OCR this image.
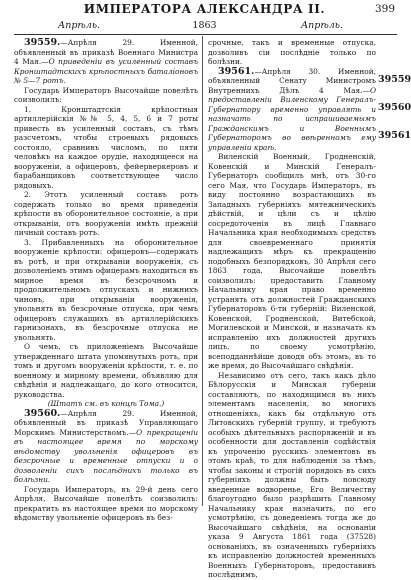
ИМПЕРАТОРА АЛЕКСАНДРА II.	399
Апрѣль.	1863	Апрѣль.

39559.—Апрѣля 29. Именной, объявленный въ приказѣ Военнаго Министра 4 Мая.—О приведеніи въ усиленный составъ Кронштадтскихъ крѣпостныхъ баталіоновъ № 5—7 ротъ.

Государь Императоръ Высочайше повелѣть соизволилъ:

1. Кронштадтскія крѣпостныя артиллерійскія №№ 5, 4, 5, 6 и 7 роты привесть въ усиленный составъ, съ тѣмъ разсчетомъ, чтобы строевыхъ рядовыхъ состояло, сравнивъ числомъ, по пяти человѣкъ на каждое орудіе, находящееся на вооруженіи, а офицеровъ, фейерверкеровъ и барабанщиковъ соответствующее число рядовыхъ.

2. Этотъ усиленный составъ ротъ содержать только во время приведенія крѣпости въ оборонительное состояніе, а при открываніи, отъ вооруженіи имѣть прежній личный составъ ротъ.

3. Прибавленныхъ на оборонительное вооруженіе крѣпости: офицеровъ—содержать въ ротѣ, и при открываніи вооруженія, съ дозволеніемъ этимъ офицерамъ находиться въ мирное время въ безсрочномъ и продолжительномъ отпускахъ и нижнихъ чиновъ, при открываніи вооруженія, увольнять въ безсрочные отпуска, при чемъ офицеровъ служащихъ въ артиллерійскихъ гарнизонахъ, въ безсрочные отпуска не увольнять.

О чемъ, съ приложеніемъ Высочайше утвержденнаго штата упомянутыхъ ротъ, при томъ и другомъ вооруженіи крѣпости, т. е. по военному и мирному времени, объявляю для свѣдѣнія и надлежащаго, до кого относится, руководства.

(Штатъ см. въ концѣ Тома.)

39560.—Апрѣля 29. Именной, объявленный въ приказѣ Управляющаго Морскимъ Министерствомъ.—О прекращеніи въ настоящее время по морскому вѣдомству увольненія офицеровъ въ безсрочные и временные отпуски и о дозволеніи сихъ послѣднихъ только въ болѣзни.

Государь Императоръ, въ 29-й день сего Апрѣля, Высочайше повелѣть соизволилъ: прекратить въ настоящее время по морскому вѣдомству увольненіе офицеровъ въ без-

срочные, такъ и временные отпуска, дозволивъ сіи послѣдніе только по болѣзни.

39561.—Апрѣля 30. Именной, объявленный Сенату Министромъ Внутреннихъ Дѣлъ 4 Мая.—О предоставленіи Виленскому Генералъ-Губернатору временно управлять и назначать по испрашиваемымъ Гражданскимъ и Военнымъ Губернаторомъ во ввѣренномъ ему управленіи краѣ.

Виленскій Военный, Гродненскій, Ковенскій и Минскій Генералъ-Губернаторъ сообщилъ мнѣ, отъ 30-го сего Мая, что Государь Императоръ, въ виду постоянно возрастающихъ въ Западныхъ губерніяхъ мятежническихъ дѣйствій, и цѣли съ и цѣлію сосредоточенія въ лицѣ Главнаго Начальника края необходимыхъ средствъ для своевременнаго принятія надлежащихъ мѣръ къ прекращенію подобныхъ безпорядковъ, 30 Апрѣля сего 1863 года, Высочайше повелѣть соизволилъ: предоставить Главному Начальнику края право временно устранять отъ должностей Гражданскихъ Губернаторовъ 6-ти губерній: Виленской, Ковенской, Гродненской, Витебской, Могилевской и Минской, и назначать къ исправленію ихъ должностей другихъ лицъ, по своему усмотрѣнію, всеподданнѣйше доводя объ этомъ, въ то же время, до Высочайшаго свѣдѣнія.

Независимо отъ сего, такъ какъ дѣло Бѣлорусскія и Минская губерніи составляютъ, по находящимся въ нихъ элементамъ населенія, во многихъ отношеніяхъ, какъ бы отдѣльную отъ Литовскихъ губерній группу, и требуютъ особыхъ дѣятельныхъ распоряженій и въ особенности для доставленія содѣйствія къ упроченію русскихъ элементовъ въ этомъ краѣ, то для наблюденія за тѣмъ, чтобы законы и строгій порядокъ въ сихъ губерніяхъ должны быть повсюду введенные водворенье, Его Величеству благоугодно было разрѣшить Главному Начальнику края назначить, по его усмотрѣнію, съ доведеніемъ тогда же до Высочайшаго свѣдѣнія, на основаніи указа 9 Августа 1861 года (37528) основаніяхъ, въ означенныхъ губерніяхъ къ исправленію должностей временныхъ Военныхъ Губернаторовъ, предоставивъ послѣднимъ,

39559
39560
39561
